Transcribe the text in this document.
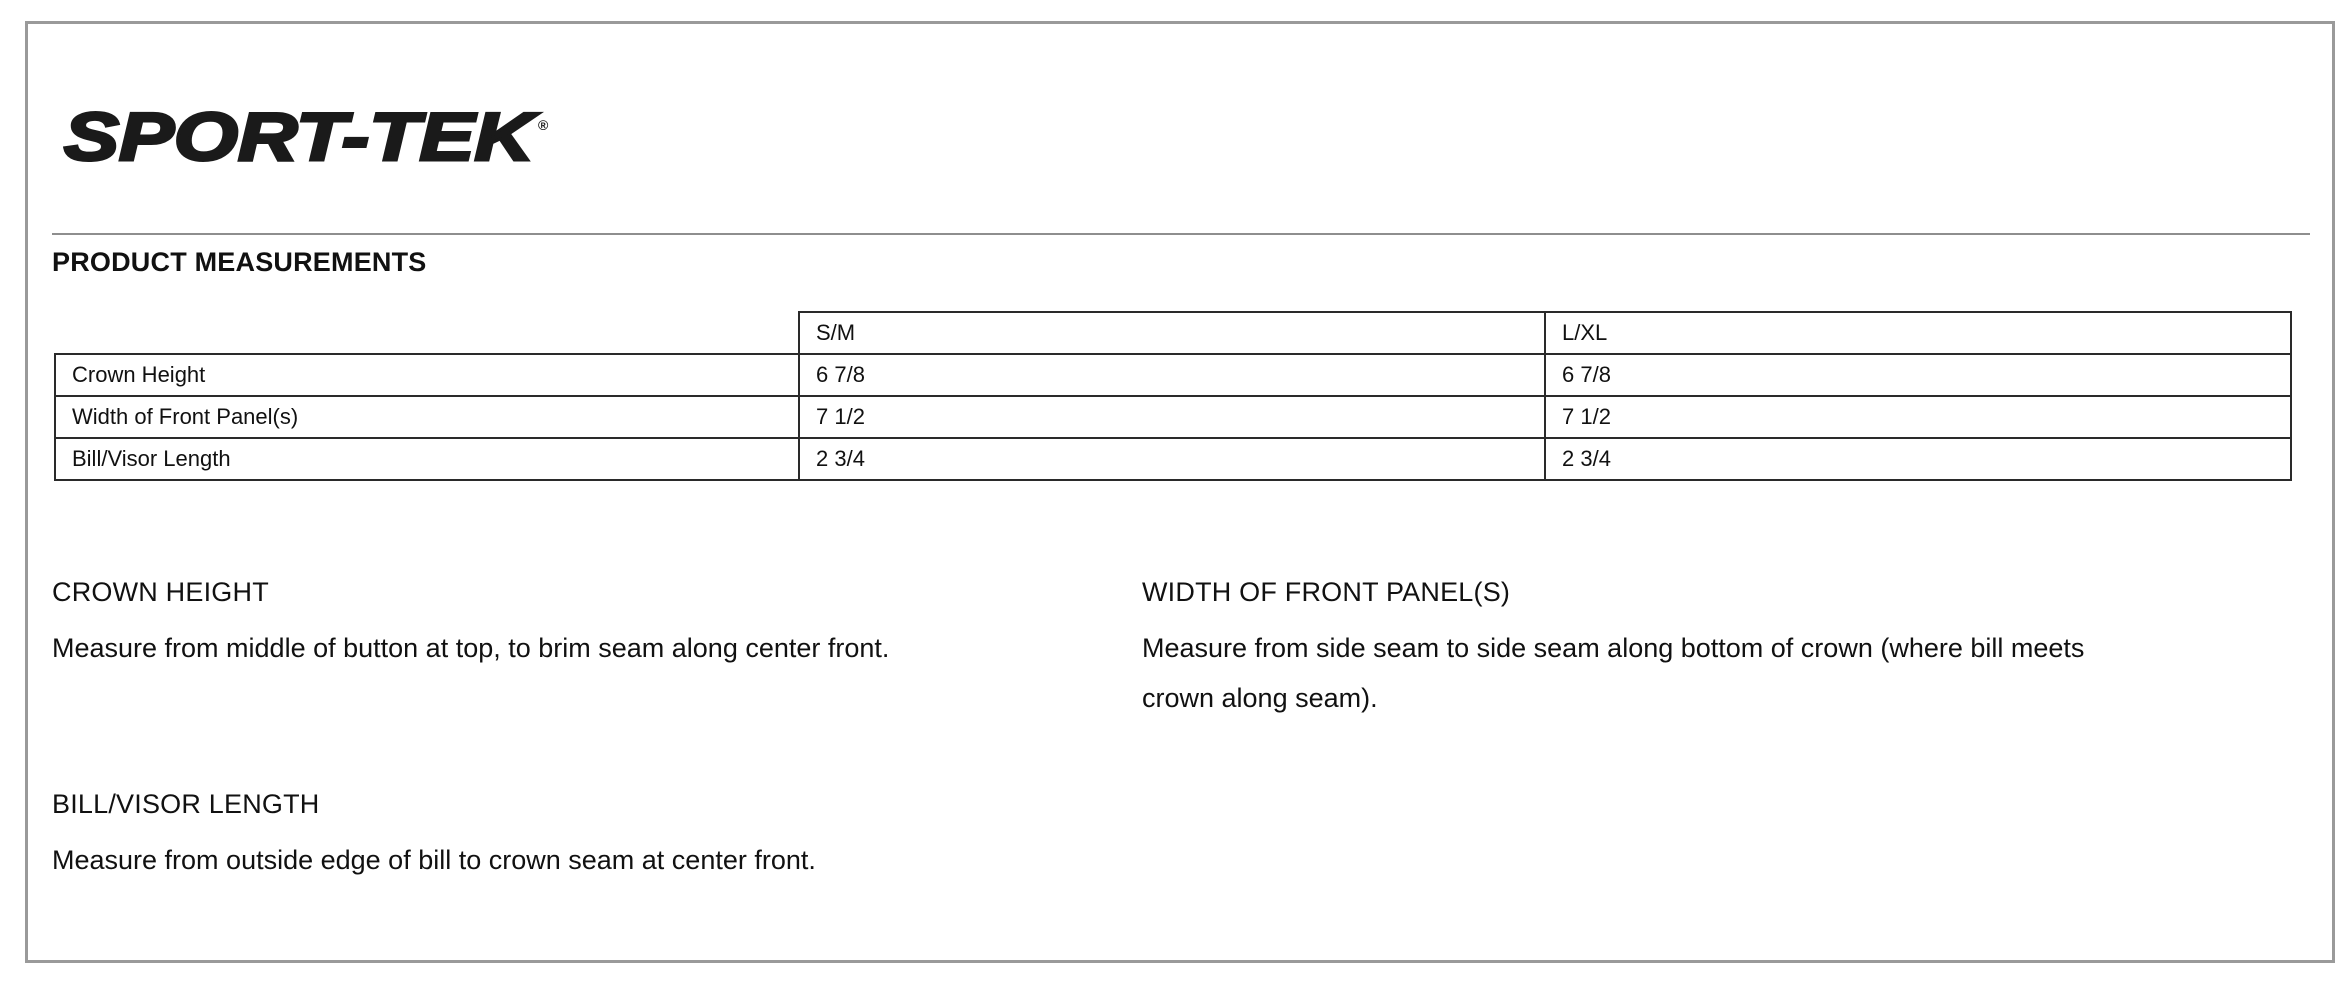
SPORT-TEK
®
PRODUCT MEASUREMENTS
	S/M	L/XL
Crown Height	6 7/8	6 7/8
Width of Front Panel(s)	7 1/2	7 1/2
Bill/Visor Length	2 3/4	2 3/4
CROWN HEIGHT

Measure from middle of button at top, to brim seam along center front.

WIDTH OF FRONT PANEL(S)

Measure from side seam to side seam along bottom of crown (where bill meets
crown along seam).

BILL/VISOR LENGTH

Measure from outside edge of bill to crown seam at center front.
